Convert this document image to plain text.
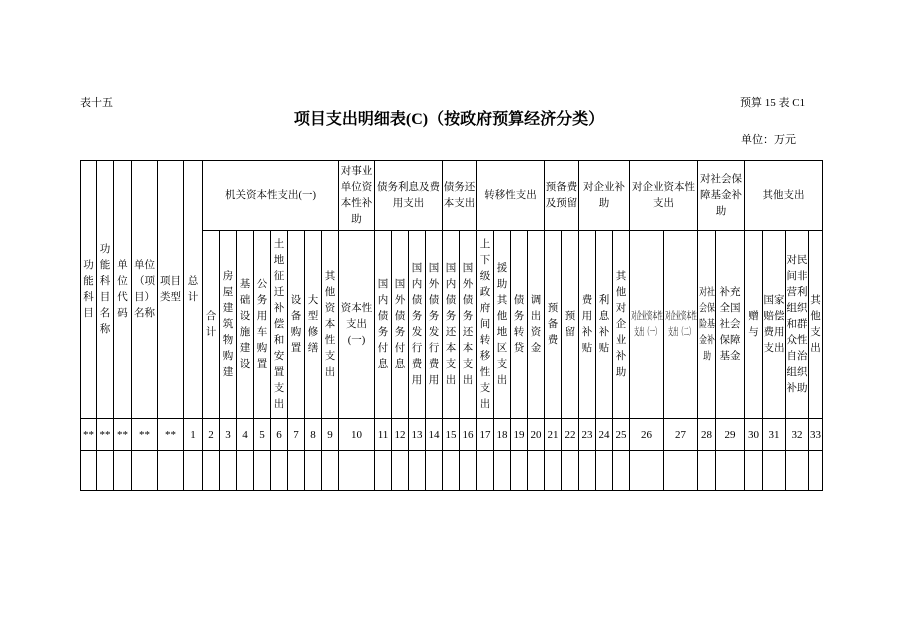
表十五	预算 15 表 C1
项目支出明细表(C)（按政府预算经济分类）
单位：万元
功能科目	功能科目名称	单位代码	单位（项目）名称	项目类型	总计	机关资本性支出(一)								对事业单位资本性补助	债务利息及费用支出				债务还本支出		转移性支出				预备费及预留		对企业补助			对企业资本性支出		对社会保障基金补助		其他支出			
						合计	房屋建筑物购建	基础设施建设	公务用车购置	土地征迁补偿和安置支出	设备购置	大型修缮	其他资本性支出	资本性支出(一)	国内债务付息	国外债务付息	国内债务发行费用	国外债务发行费用	国内债务还本支出	国外债务还本支出	上下级政府间转移性支出	援助其他地区支出	债务转贷	调出资金	预备费	预留	费用补贴	利息补贴	其他对企业补助	对企业资本性支出（一）	对企业资本性支出（二）	对社会保险基金补助	补充全国社会保障基金	赠与	国家赔偿费用支出	对民间非营利组织和群众性自治组织补助	其他支出
**	**	**	**	**	1	2	3	4	5	6	7	8	9	10	11	12	13	14	15	16	17	18	19	20	21	22	23	24	25	26	27	28	29	30	31	32	33
